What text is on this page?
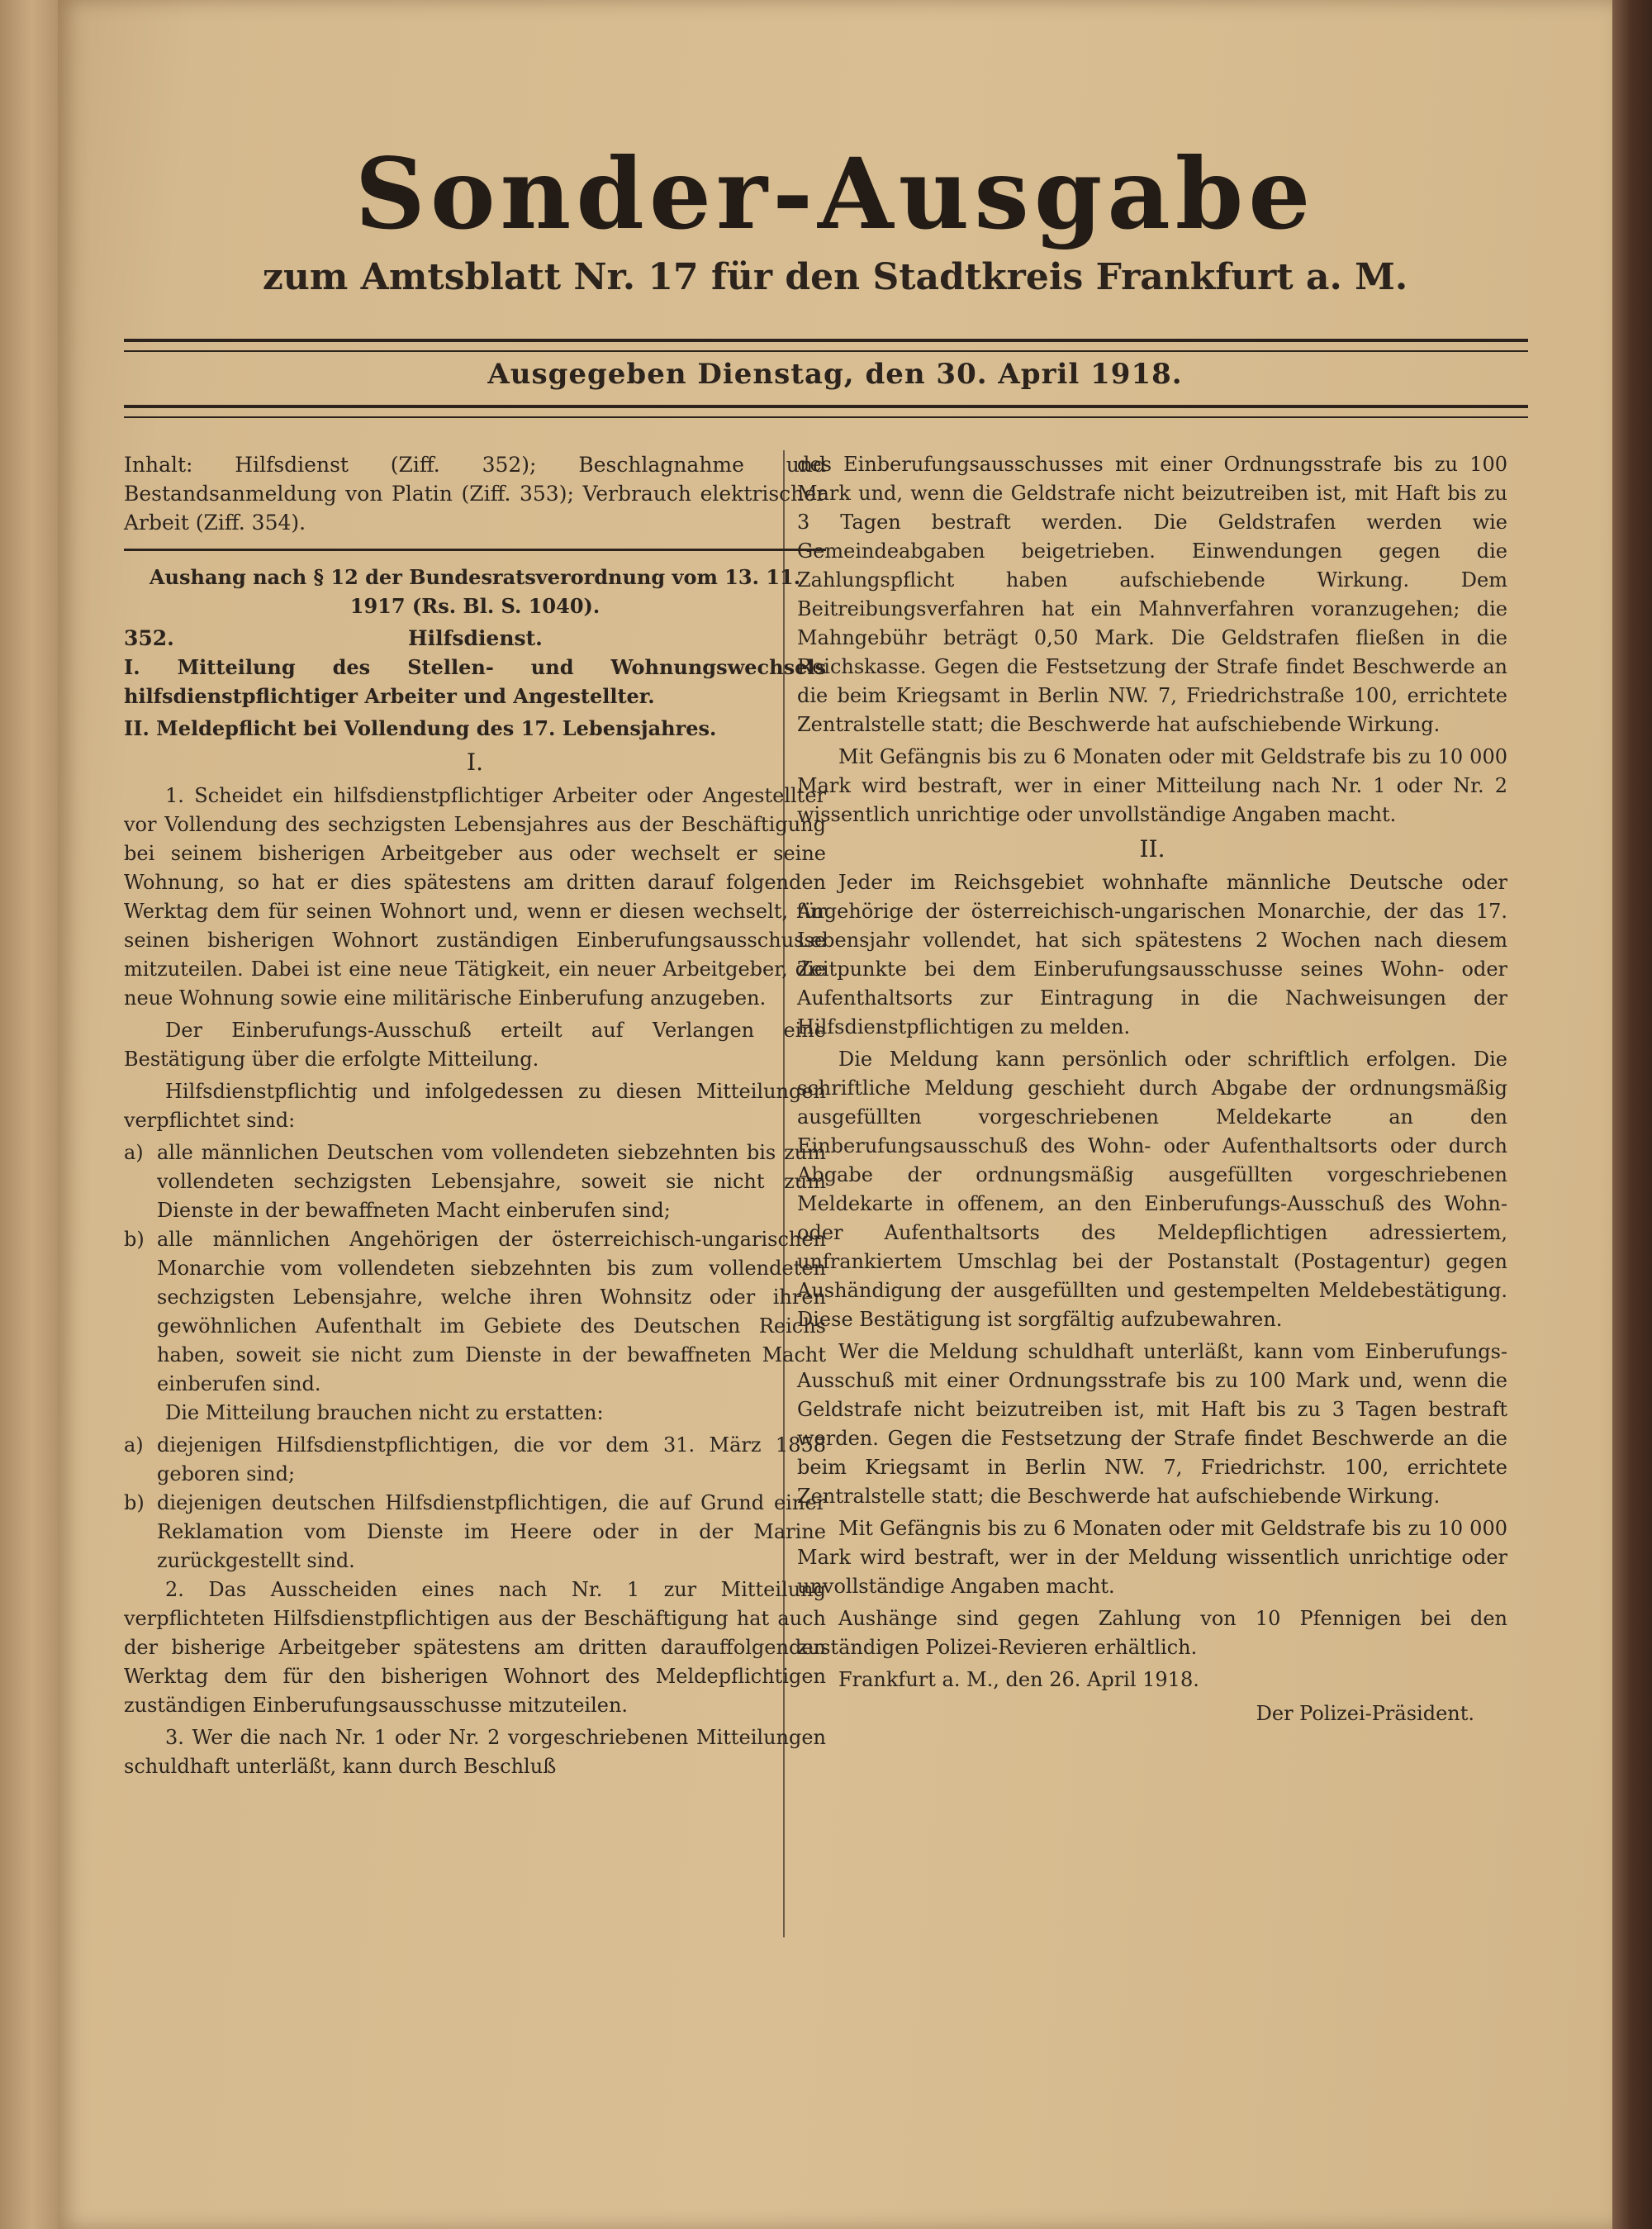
Sonder-Ausgabe
zum Amtsblatt Nr. 17 für den Stadtkreis Frankfurt a. M.
Ausgegeben Dienstag, den 30. April 1918.

Inhalt: Hilfsdienst (Ziff. 352); Beschlagnahme und Bestandsanmeldung von Platin (Ziff. 353); Verbrauch elektrischer Arbeit (Ziff. 354).

Aushang nach § 12 der Bundesratsverordnung vom 13. 11. 1917 (Rs. Bl. S. 1040).

352.	Hilfsdienst.

I. Mitteilung des Stellen- und Wohnungswechsels hilfsdienstpflichtiger Arbeiter und Angestellter.

II. Meldepflicht bei Vollendung des 17. Lebensjahres.

I.

1. Scheidet ein hilfsdienstpflichtiger Arbeiter oder Angestellter vor Vollendung des sechzigsten Lebensjahres aus der Beschäftigung bei seinem bisherigen Arbeitgeber aus oder wechselt er seine Wohnung, so hat er dies spätestens am dritten darauf folgenden Werktag dem für seinen Wohnort und, wenn er diesen wechselt, für seinen bisherigen Wohnort zuständigen Einberufungsausschusse mitzuteilen. Dabei ist eine neue Tätigkeit, ein neuer Arbeitgeber, die neue Wohnung sowie eine militärische Einberufung anzugeben.

Der Einberufungs-Ausschuß erteilt auf Verlangen eine Bestätigung über die erfolgte Mitteilung.

Hilfsdienstpflichtig und infolgedessen zu diesen Mitteilungen verpflichtet sind:

a) alle männlichen Deutschen vom vollendeten siebzehnten bis zum vollendeten sechzigsten Lebensjahre, soweit sie nicht zum Dienste in der bewaffneten Macht einberufen sind;
b) alle männlichen Angehörigen der österreichisch-ungarischen Monarchie vom vollendeten siebzehnten bis zum vollendeten sechzigsten Lebensjahre, welche ihren Wohnsitz oder ihren gewöhnlichen Aufenthalt im Gebiete des Deutschen Reichs haben, soweit sie nicht zum Dienste in der bewaffneten Macht einberufen sind.

Die Mitteilung brauchen nicht zu erstatten:

a) diejenigen Hilfsdienstpflichtigen, die vor dem 31. März 1858 geboren sind;
b) diejenigen deutschen Hilfsdienstpflichtigen, die auf Grund einer Reklamation vom Dienste im Heere oder in der Marine zurückgestellt sind.

2. Das Ausscheiden eines nach Nr. 1 zur Mitteilung verpflichteten Hilfsdienstpflichtigen aus der Beschäftigung hat auch der bisherige Arbeitgeber spätestens am dritten darauffolgenden Werktag dem für den bisherigen Wohnort des Meldepflichtigen zuständigen Einberufungsausschusse mitzuteilen.

3. Wer die nach Nr. 1 oder Nr. 2 vorgeschriebenen Mitteilungen schuldhaft unterläßt, kann durch Beschluß

des Einberufungsausschusses mit einer Ordnungsstrafe bis zu 100 Mark und, wenn die Geldstrafe nicht beizutreiben ist, mit Haft bis zu 3 Tagen bestraft werden. Die Geldstrafen werden wie Gemeindeabgaben beigetrieben. Einwendungen gegen die Zahlungspflicht haben aufschiebende Wirkung. Dem Beitreibungsverfahren hat ein Mahnverfahren voranzugehen; die Mahngebühr beträgt 0,50 Mark. Die Geldstrafen fließen in die Reichskasse. Gegen die Festsetzung der Strafe findet Beschwerde an die beim Kriegsamt in Berlin NW. 7, Friedrichstraße 100, errichtete Zentralstelle statt; die Beschwerde hat aufschiebende Wirkung.

Mit Gefängnis bis zu 6 Monaten oder mit Geldstrafe bis zu 10 000 Mark wird bestraft, wer in einer Mitteilung nach Nr. 1 oder Nr. 2 wissentlich unrichtige oder unvollständige Angaben macht.

II.

Jeder im Reichsgebiet wohnhafte männliche Deutsche oder Angehörige der österreichisch-ungarischen Monarchie, der das 17. Lebensjahr vollendet, hat sich spätestens 2 Wochen nach diesem Zeitpunkte bei dem Einberufungsausschusse seines Wohn- oder Aufenthaltsorts zur Eintragung in die Nachweisungen der Hilfsdienstpflichtigen zu melden.

Die Meldung kann persönlich oder schriftlich erfolgen. Die schriftliche Meldung geschieht durch Abgabe der ordnungsmäßig ausgefüllten vorgeschriebenen Meldekarte an den Einberufungsausschuß des Wohn- oder Aufenthaltsorts oder durch Abgabe der ordnungsmäßig ausgefüllten vorgeschriebenen Meldekarte in offenem, an den Einberufungs-Ausschuß des Wohn- oder Aufenthaltsorts des Meldepflichtigen adressiertem, unfrankiertem Umschlag bei der Postanstalt (Postagentur) gegen Aushändigung der ausgefüllten und gestempelten Meldebestätigung. Diese Bestätigung ist sorgfältig aufzubewahren.

Wer die Meldung schuldhaft unterläßt, kann vom Einberufungs-Ausschuß mit einer Ordnungsstrafe bis zu 100 Mark und, wenn die Geldstrafe nicht beizutreiben ist, mit Haft bis zu 3 Tagen bestraft werden. Gegen die Festsetzung der Strafe findet Beschwerde an die beim Kriegsamt in Berlin NW. 7, Friedrichstr. 100, errichtete Zentralstelle statt; die Beschwerde hat aufschiebende Wirkung.

Mit Gefängnis bis zu 6 Monaten oder mit Geldstrafe bis zu 10 000 Mark wird bestraft, wer in der Meldung wissentlich unrichtige oder unvollständige Angaben macht.

Aushänge sind gegen Zahlung von 10 Pfennigen bei den zuständigen Polizei-Revieren erhältlich.

Frankfurt a. M., den 26. April 1918.

Der Polizei-Präsident.
